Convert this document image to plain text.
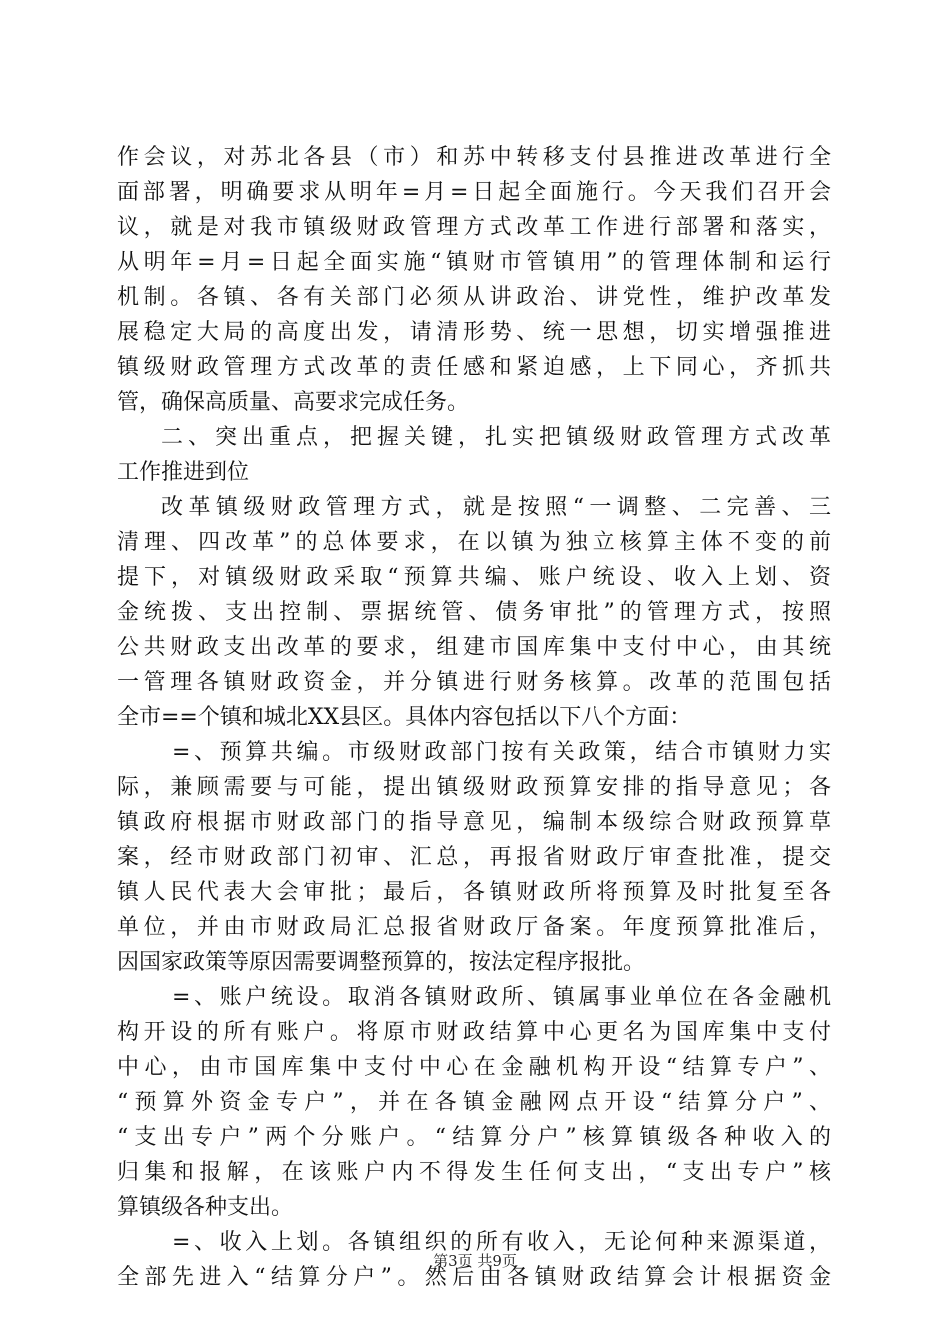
作会议，对苏北各县（市）和苏中转移支付县推进改革进行全
面部署，明确要求从明年=月=日起全面施行。今天我们召开会
议，就是对我市镇级财政管理方式改革工作进行部署和落实，
从明年=月=日起全面实施“镇财市管镇用”的管理体制和运行
机制。各镇、各有关部门必须从讲政治、讲党性，维护改革发
展稳定大局的高度出发，请清形势、统一思想，切实增强推进
镇级财政管理方式改革的责任感和紧迫感，上下同心，齐抓共
管，确保高质量、高要求完成任务。
二、突出重点，把握关键，扎实把镇级财政管理方式改革
工作推进到位
改革镇级财政管理方式，就是按照“一调整、二完善、三
清理、四改革”的总体要求，在以镇为独立核算主体不变的前
提下，对镇级财政采取“预算共编、账户统设、收入上划、资
金统拨、支出控制、票据统管、债务审批”的管理方式，按照
公共财政支出改革的要求，组建市国库集中支付中心，由其统
一管理各镇财政资金，并分镇进行财务核算。改革的范围包括
全市==个镇和城北XX县区。具体内容包括以下八个方面：
=、预算共编。市级财政部门按有关政策，结合市镇财力实
际，兼顾需要与可能，提出镇级财政预算安排的指导意见；各
镇政府根据市财政部门的指导意见，编制本级综合财政预算草
案，经市财政部门初审、汇总，再报省财政厅审查批准，提交
镇人民代表大会审批；最后，各镇财政所将预算及时批复至各
单位，并由市财政局汇总报省财政厅备案。年度预算批准后，
因国家政策等原因需要调整预算的，按法定程序报批。
=、账户统设。取消各镇财政所、镇属事业单位在各金融机
构开设的所有账户。将原市财政结算中心更名为国库集中支付
中心，由市国库集中支付中心在金融机构开设“结算专户”、
“预算外资金专户”，并在各镇金融网点开设“结算分户”、
“支出专户”两个分账户。“结算分户”核算镇级各种收入的
归集和报解，在该账户内不得发生任何支出，“支出专户”核
算镇级各种支出。
=、收入上划。各镇组织的所有收入，无论何种来源渠道，
全部先进入“结算分户”。然后由各镇财政结算会计根据资金
第3页 共9页
